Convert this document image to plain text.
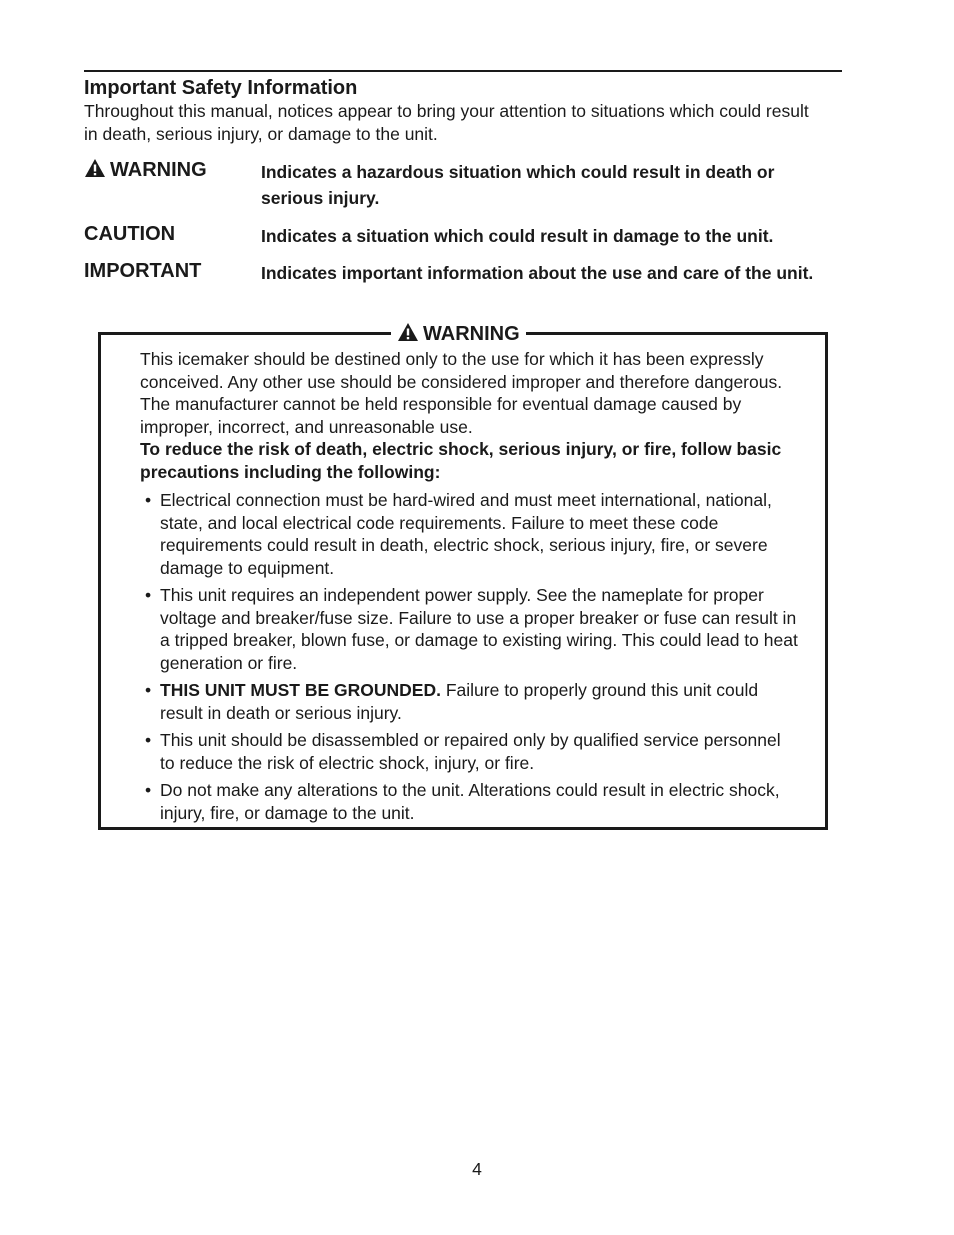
Important Safety Information

Throughout this manual, notices appear to bring your attention to situations which could result in death, serious injury, or damage to the unit.

WARNING	Indicates a hazardous situation which could result in death or serious injury.
CAUTION	Indicates a situation which could result in damage to the unit.
IMPORTANT	Indicates important information about the use and care of the unit.
WARNING

This icemaker should be destined only to the use for which it has been expressly conceived. Any other use should be considered improper and therefore dangerous. The manufacturer cannot be held responsible for eventual damage caused by improper, incorrect, and unreasonable use.

To reduce the risk of death, electric shock, serious injury, or fire, follow basic precautions including the following:

• Electrical connection must be hard-wired and must meet international, national, state, and local electrical code requirements. Failure to meet these code requirements could result in death, electric shock, serious injury, fire, or severe damage to equipment.
• This unit requires an independent power supply. See the nameplate for proper voltage and breaker/fuse size. Failure to use a proper breaker or fuse can result in a tripped breaker, blown fuse, or damage to existing wiring. This could lead to heat generation or fire.
• THIS UNIT MUST BE GROUNDED. Failure to properly ground this unit could result in death or serious injury.
• This unit should be disassembled or repaired only by qualified service personnel to reduce the risk of electric shock, injury, or fire.
• Do not make any alterations to the unit. Alterations could result in electric shock, injury, fire, or damage to the unit.
4
